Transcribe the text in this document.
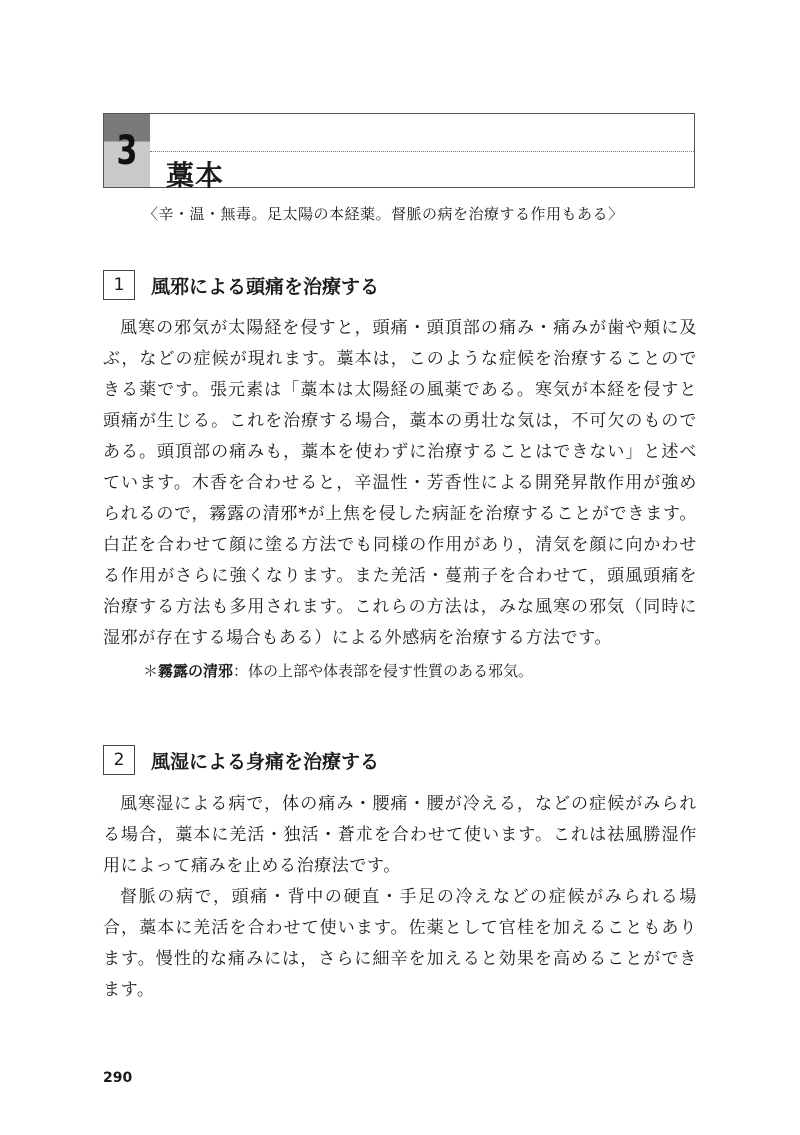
3
藁本
〈辛・温・無毒。足太陽の本経薬。督脈の病を治療する作用もある〉
1	風邪による頭痛を治療する

風寒の邪気が太陽経を侵すと，頭痛・頭頂部の痛み・痛みが歯や頬に及ぶ，などの症候が現れます。藁本は，このような症候を治療することのできる薬です。張元素は「藁本は太陽経の風薬である。寒気が本経を侵すと頭痛が生じる。これを治療する場合，藁本の勇壮な気は，不可欠のものである。頭頂部の痛みも，藁本を使わずに治療することはできない」と述べています。木香を合わせると，辛温性・芳香性による開発昇散作用が強められるので，霧露の清邪*が上焦を侵した病証を治療することができます。白芷を合わせて顔に塗る方法でも同様の作用があり，清気を顔に向かわせる作用がさらに強くなります。また羌活・蔓荊子を合わせて，頭風頭痛を治療する方法も多用されます。これらの方法は，みな風寒の邪気（同時に湿邪が存在する場合もある）による外感病を治療する方法です。

＊霧露の清邪：体の上部や体表部を侵す性質のある邪気。
2	風湿による身痛を治療する

風寒湿による病で，体の痛み・腰痛・腰が冷える，などの症候がみられる場合，藁本に羌活・独活・蒼朮を合わせて使います。これは祛風勝湿作用によって痛みを止める治療法です。

督脈の病で，頭痛・背中の硬直・手足の冷えなどの症候がみられる場合，藁本に羌活を合わせて使います。佐薬として官桂を加えることもあります。慢性的な痛みには，さらに細辛を加えると効果を高めることができます。

290
